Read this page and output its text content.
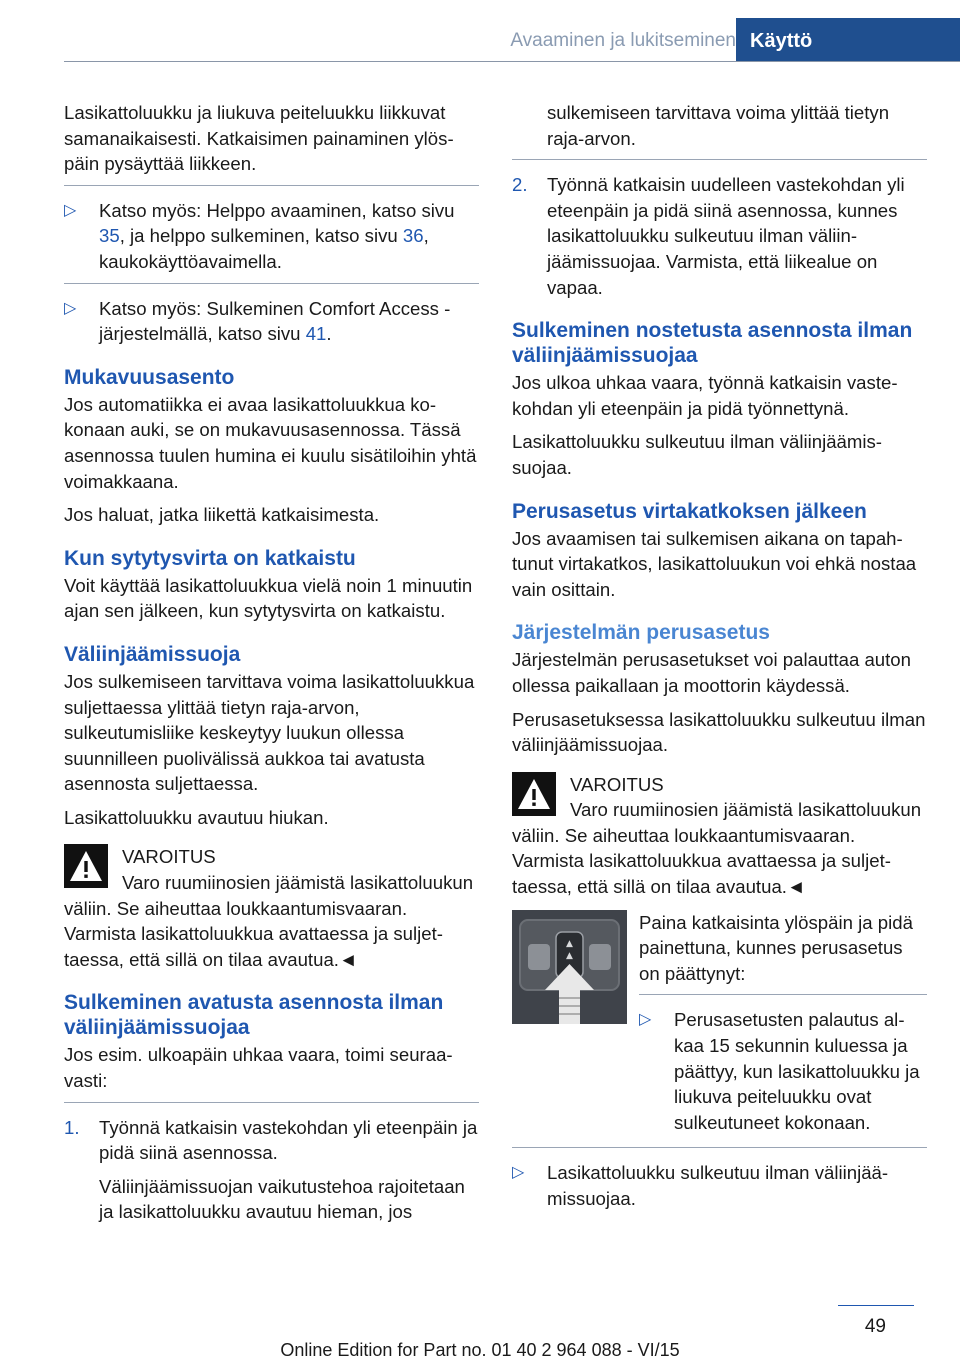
Avaaminen ja lukitseminen Käyttö

Lasikattoluukku ja liukuva peiteluukku liikkuvat samanaikaisesti. Katkaisimen painaminen ylöspäin pysäyttää liikkeen.

▷ Katso myös: Helppo avaaminen, katso sivu 35, ja helppo sulkeminen, katso sivu 36, kaukokäyttöavaimella.
▷ Katso myös: Sulkeminen Comfort Access -järjestelmällä, katso sivu 41.
Mukavuusasento

Jos automatiikka ei avaa lasikattoluukkua kokonaan auki, se on mukavuusasennossa. Tässä asennossa tuulen humina ei kuulu sisätiloihin yhtä voimakkaana.

Jos haluat, jatka liikettä katkaisimesta.

Kun sytytysvirta on katkaistu

Voit käyttää lasikattoluukkua vielä noin 1 minuutin ajan sen jälkeen, kun sytytysvirta on katkaistu.

Väliinjäämissuoja

Jos sulkemiseen tarvittava voima lasikattoluukkua suljettaessa ylittää tietyn raja-arvon, sulkeutumisliike keskeytyy luukun ollessa suunnilleen puolivälissä aukkoa tai avatusta asennosta suljettaessa.

Lasikattoluukku avautuu hiukan.

VAROITUS
Varo ruumiinosien jäämistä lasikattoluukun väliin. Se aiheuttaa loukkaantumisvaaran. Varmista lasikattoluukkua avattaessa ja suljettaessa, että sillä on tilaa avautua.◄
Sulkeminen avatusta asennosta ilman väliinjäämissuojaa

Jos esim. ulkoapäin uhkaa vaara, toimi seuraavasti:

1. Työnnä katkaisin vastekohdan yli eteenpäin ja pidä siinä asennossa.

Väliinjäämissuojan vaikutustehoa rajoitetaan ja lasikattoluukku avautuu hieman, jos

sulkemiseen tarvittava voima ylittää tietyn raja-arvon.

2. Työnnä katkaisin uudelleen vastekohdan yli eteenpäin ja pidä siinä asennossa, kunnes lasikattoluukku sulkeutuu ilman väliinjäämissuojaa. Varmista, että liikealue on vapaa.
Sulkeminen nostetusta asennosta ilman väliinjäämissuojaa

Jos ulkoa uhkaa vaara, työnnä katkaisin vastekohdan yli eteenpäin ja pidä työnnettynä.

Lasikattoluukku sulkeutuu ilman väliinjäämissuojaa.

Perusasetus virtakatkoksen jälkeen

Jos avaamisen tai sulkemisen aikana on tapahtunut virtakatkos, lasikattoluukun voi ehkä nostaa vain osittain.

Järjestelmän perusasetus

Järjestelmän perusasetukset voi palauttaa auton ollessa paikallaan ja moottorin käydessä.

Perusasetuksessa lasikattoluukku sulkeutuu ilman väliinjäämissuojaa.

VAROITUS
Varo ruumiinosien jäämistä lasikattoluukun väliin. Se aiheuttaa loukkaantumisvaaran. Varmista lasikattoluukkua avattaessa ja suljettaessa, että sillä on tilaa avautua.◄
▲
▲

Paina katkaisinta ylöspäin ja pidä painettuna, kunnes perusasetus on päättynyt:

▷ Perusasetusten palautus alkaa 15 sekunnin kuluessa ja päättyy, kun lasikattoluukku ja liukuva peiteluukku ovat sulkeutuneet kokonaan.
▷ Lasikattoluukku sulkeutuu ilman väliinjäämissuojaa.
49
Online Edition for Part no. 01 40 2 964 088 - VI/15
